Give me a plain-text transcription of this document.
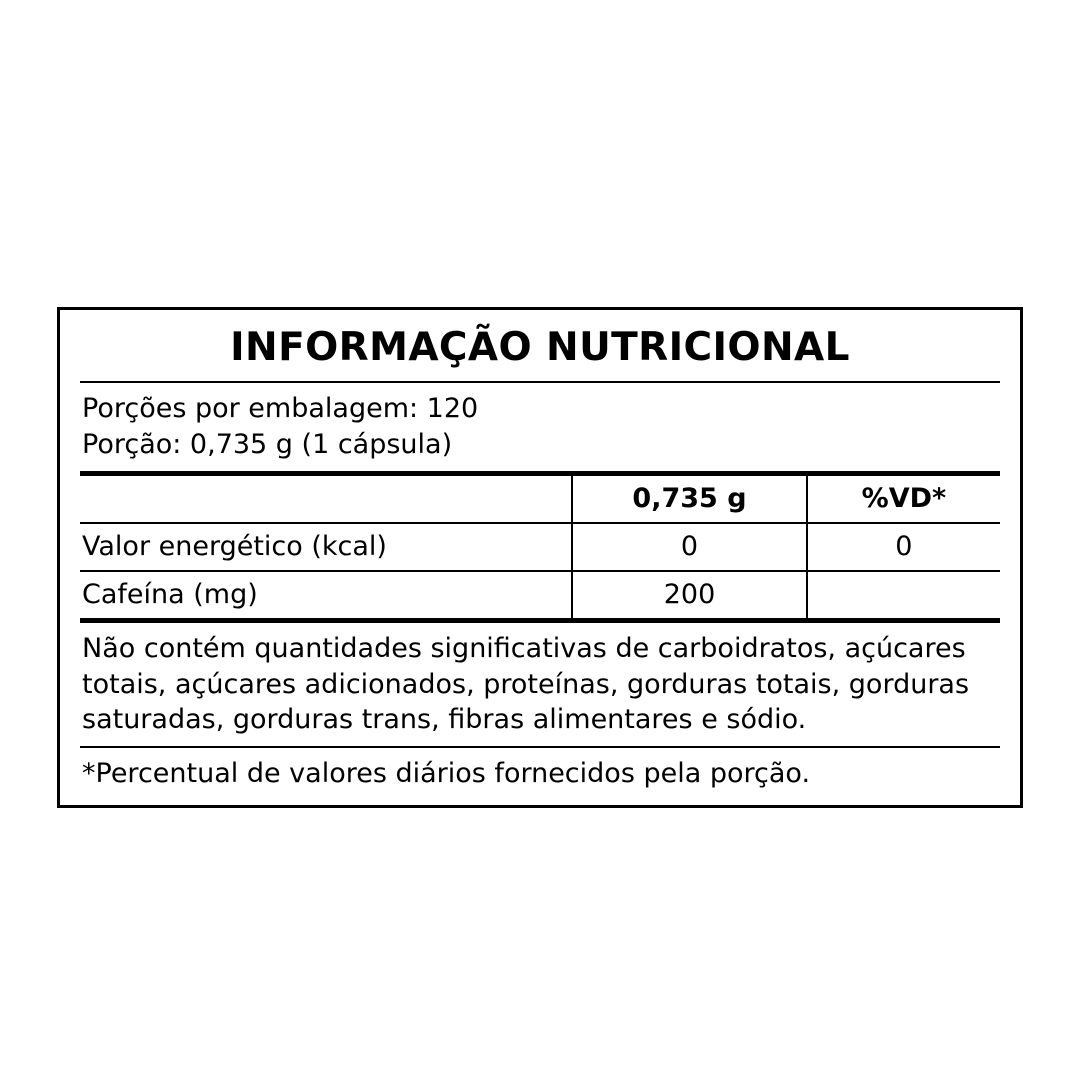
INFORMAÇÃO NUTRICIONAL
Porções por embalagem: 120
Porção: 0,735 g (1 cápsula)
	0,735 g	%VD*
Valor energético (kcal)	0	0
Cafeína (mg)	200	
Não contém quantidades significativas de carboidratos, açúcares totais, açúcares adicionados, proteínas, gorduras totais, gorduras saturadas, gorduras trans, fibras alimentares e sódio.
*Percentual de valores diários fornecidos pela porção.
